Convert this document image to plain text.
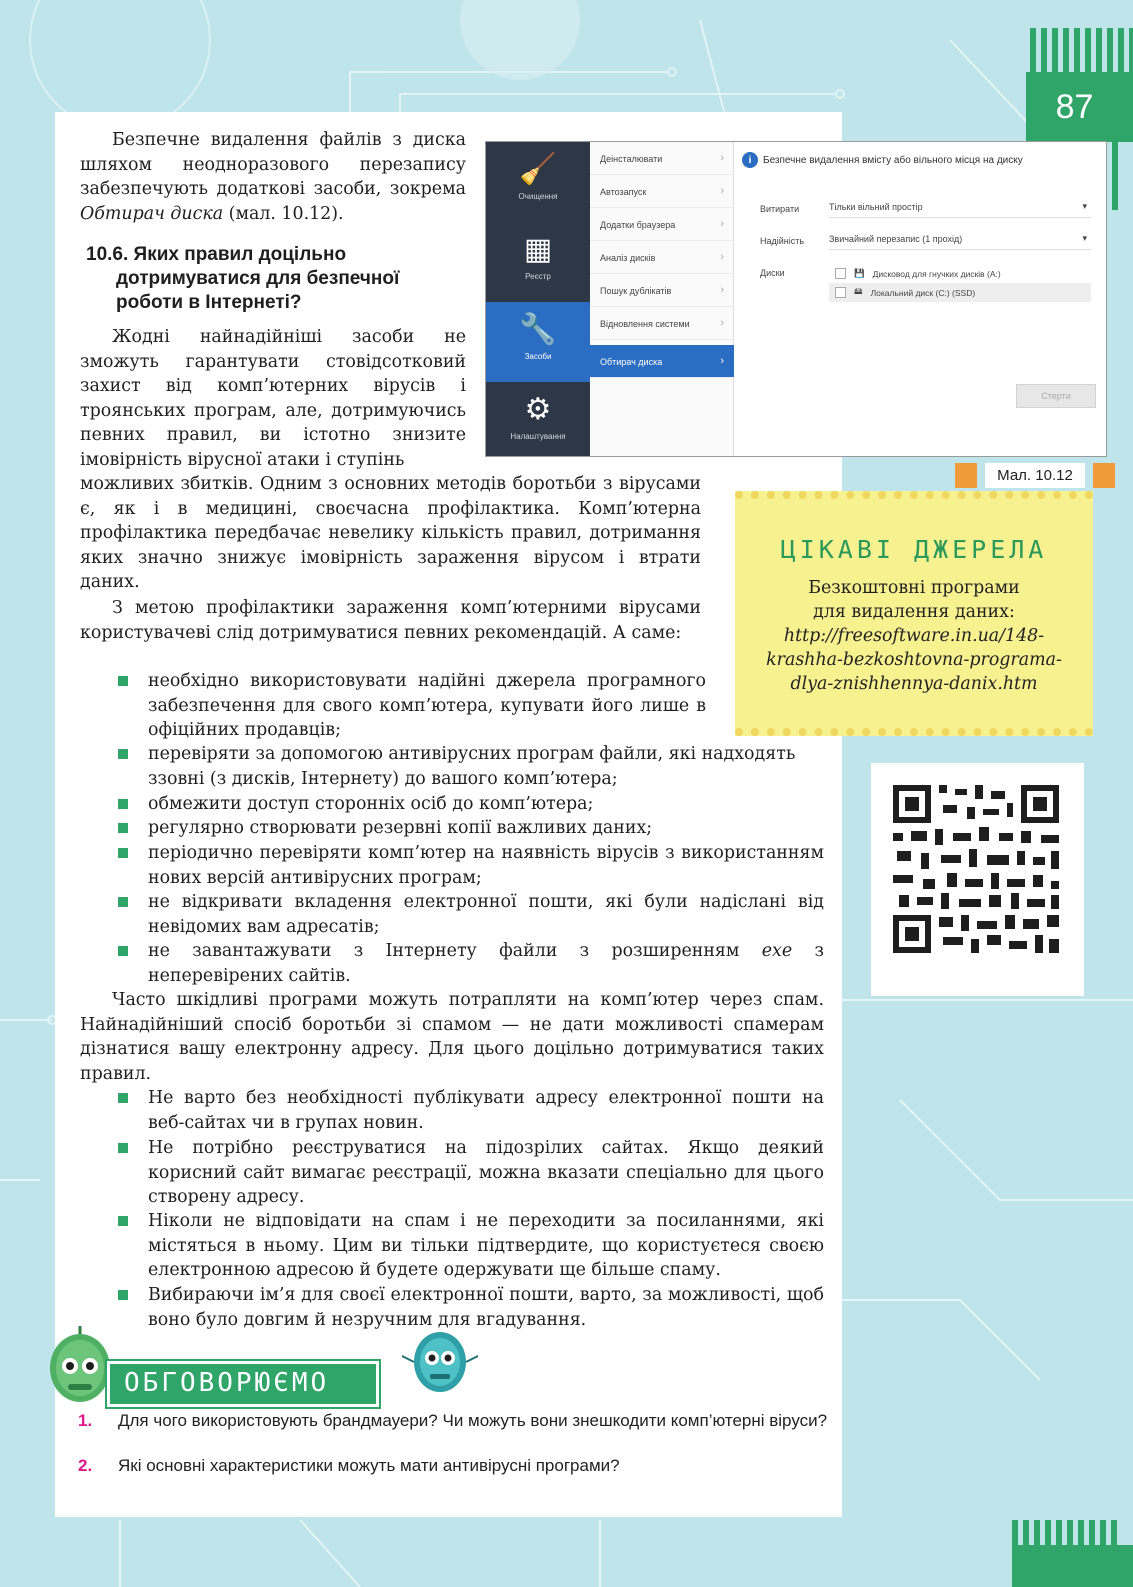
87
Безпечне видалення файлів з диска шляхом неодноразового перезапису забезпечують додаткові засоби, зокрема Обтирач диска (мал. 10.12).
10.6. Яких правил доцільно дотримуватися для безпечної роботи в Інтернеті?
Жодні найнадійніші засоби не зможуть гарантувати стовідсотковий захист від комп’ютерних вірусів і троянських програм, але, дотримуючись певних правил, ви істотно знизите імовірність вірусної атаки і ступінь
можливих збитків. Одним з основних методів боротьби з вірусами є, як і в медицині, своєчасна профілактика. Комп’ютерна профілактика передбачає невелику кількість правил, дотримання яких значно знижує імовірність зараження вірусом і втрати даних.
З метою профілактики зараження комп’ютерними вірусами користувачеві слід дотримуватися певних рекомендацій. А саме:
необхідно використовувати надійні джерела програмного забезпечення для свого комп’ютера, купувати його лише в офіційних продавців;
перевіряти за допомогою антивірусних програм файли, які надходять ззовні (з дисків, Інтернету) до вашого комп’ютера;
обмежити доступ сторонніх осіб до комп’ютера;
регулярно створювати резервні копії важливих даних;
періодично перевіряти комп’ютер на наявність вірусів з використанням нових версій антивірусних програм;
не відкривати вкладення електронної пошти, які були надіслані від невідомих вам адресатів;
не завантажувати з Інтернету файли з розширенням exe з неперевірених сайтів.
Часто шкідливі програми можуть потрапляти на комп’ютер через спам. Найнадійніший спосіб боротьби зі спамом — не дати можливості спамерам дізнатися вашу електронну адресу. Для цього доцільно дотримуватися таких правил.
Не варто без необхідності публікувати адресу електронної пошти на веб-сайтах чи в групах новин.
Не потрібно реєструватися на підозрілих сайтах. Якщо деякий корисний сайт вимагає реєстрації, можна вказати спеціально для цього створену адресу.
Ніколи не відповідати на спам і не переходити за посиланнями, які містяться в ньому. Цим ви тільки підтвердите, що користуєтеся своєю електронною адресою й будете одержувати ще більше спаму.
Вибираючи ім’я для своєї електронної пошти, варто, за можливості, щоб воно було довгим й незручним для вгадування.
🧹
Очищення
▦
Реєстр
🔧
Засоби
⚙
Налаштування
Деінсталювати	›
Автозапуск	›
Додатки браузера	›
Аналіз дисків	›
Пошук дублікатів	›
Відновлення системи	›
Обтирач диска	›
i	Безпечне видалення вмісту або вільного місця на диску
Витирати	Тільки вільний простір	▾
Надійність	Звичайний перезапис (1 прохід)	▾
Диски	💾 Дисковод для гнучких дисків (A:)
🖴 Локальний диск (C:) (SSD)
Стерти
Мал. 10.12
ЦІКАВІ ДЖЕРЕЛА
Безкоштовні програми
для видалення даних:
http://freesoftware.in.ua/148-
krashha-bezkoshtovna-programa-
dlya-znishhennya-danix.htm
ОБГОВОРЮЄМО
1.	Для чого використовують брандмауери? Чи можуть вони знешкодити комп’ютерні віруси?
2.	Які основні характеристики можуть мати антивірусні програми?
